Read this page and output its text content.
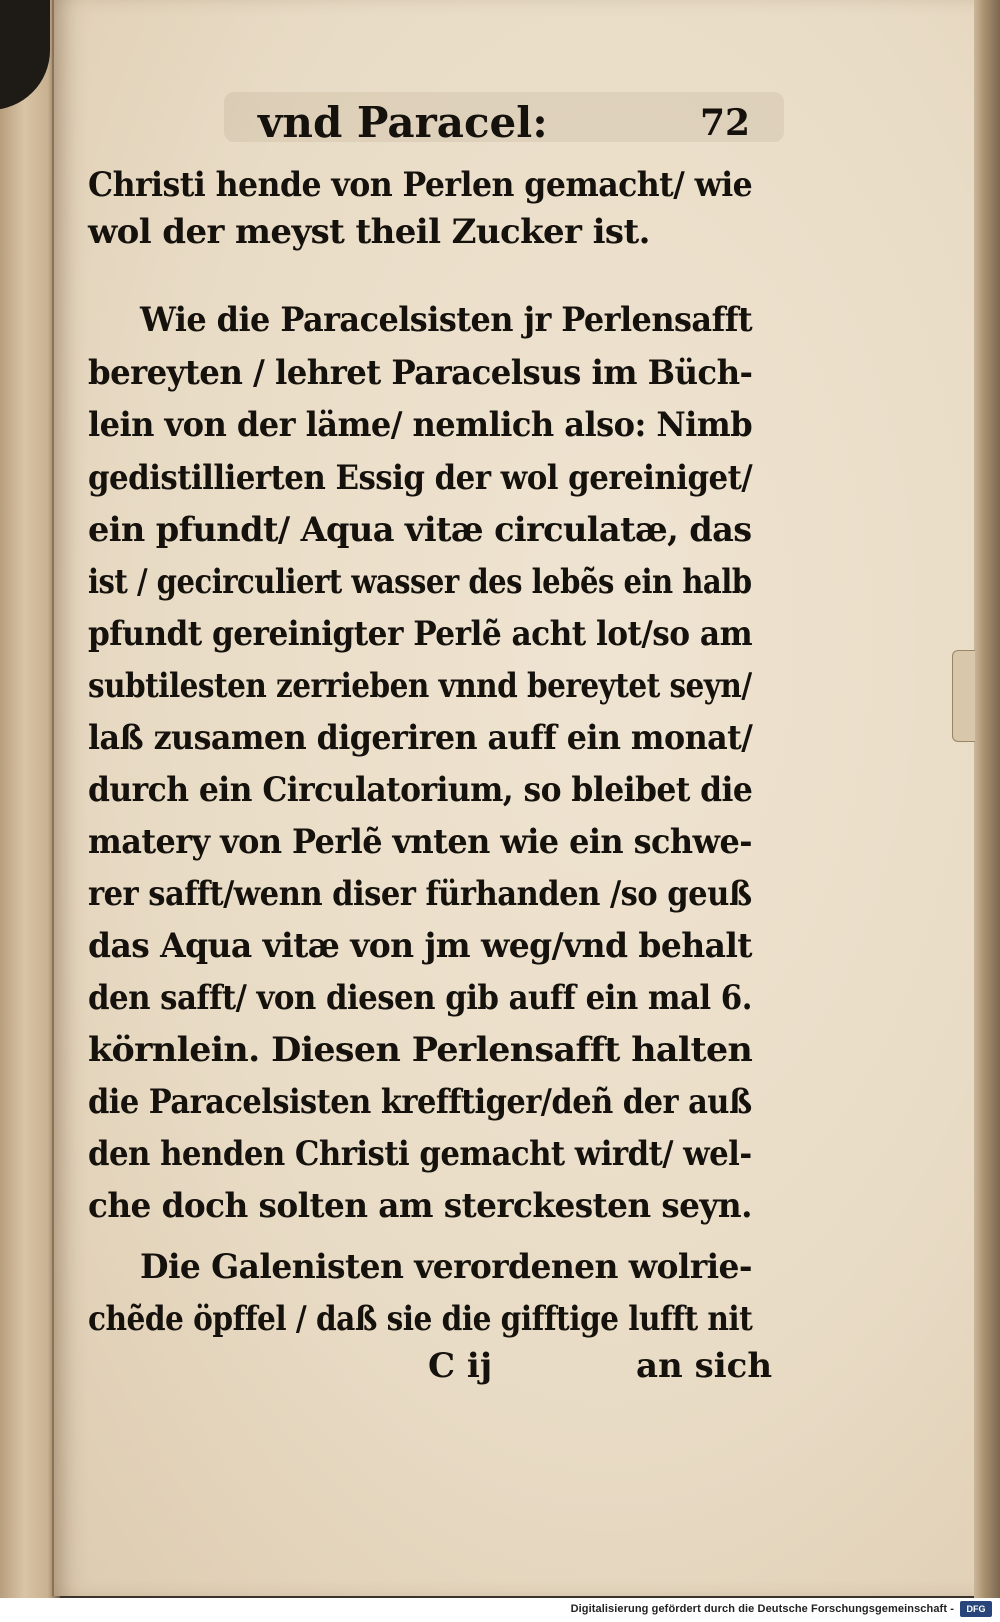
vnd Paracel:	72
Christi hende von Perlen gemacht/ wie
wol der meyst theil Zucker ist.
Wie die Paracelsisten jr Perlensafft
bereyten / lehret Paracelsus im Büch-
lein von der läme/ nemlich also: Nimb
gedistillierten Essig der wol gereiniget/
ein pfundt/ Aqua vitæ circulatæ, das
ist / gecirculiert wasser des lebẽs ein halb
pfundt gereinigter Perlẽ acht lot/so am
subtilesten zerrieben vnnd bereytet seyn/
laß zusamen digeriren auff ein monat/
durch ein Circulatorium, so bleibet die
matery von Perlẽ vnten wie ein schwe-
rer safft/wenn diser fürhanden /so geuß
das Aqua vitæ von jm weg/vnd behalt
den safft/ von diesen gib auff ein mal 6.
körnlein. Diesen Perlensafft halten
die Paracelsisten krefftiger/deñ der auß
den henden Christi gemacht wirdt/ wel-
che doch solten am sterckesten seyn.
Die Galenisten verordenen wolrie-
chẽde öpffel / daß sie die gifftige lufft nit
C ij	an sich
Digitalisierung gefördert durch die Deutsche Forschungsgemeinschaft -	DFG
